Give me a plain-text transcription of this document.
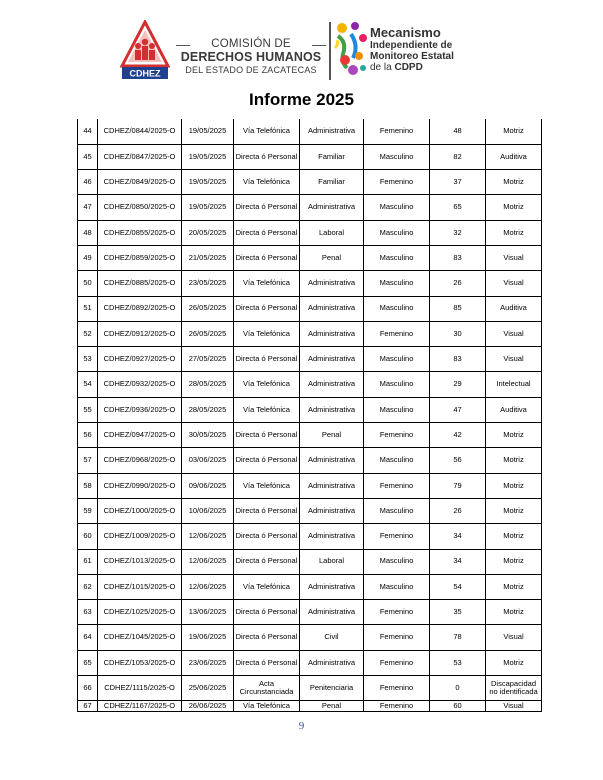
CDHEZ
COMISIÓN DE
DERECHOS HUMANOS
DEL ESTADO DE ZACATECAS
Mecanismo
Independiente de
Monitoreo Estatal
de la CDPD
Informe 2025
44	CDHEZ/0844/2025-O	19/05/2025	Vía Telefónica	Administrativa	Femenino	48	Motriz
45	CDHEZ/0847/2025-O	19/05/2025	Directa ó Personal	Familiar	Masculino	82	Auditiva
46	CDHEZ/0849/2025-O	19/05/2025	Vía Telefónica	Familiar	Femenino	37	Motriz
47	CDHEZ/0850/2025-O	19/05/2025	Directa ó Personal	Administrativa	Masculino	65	Motriz
48	CDHEZ/0855/2025-O	20/05/2025	Directa ó Personal	Laboral	Masculino	32	Motriz
49	CDHEZ/0859/2025-O	21/05/2025	Directa ó Personal	Penal	Masculino	83	Visual
50	CDHEZ/0885/2025-O	23/05/2025	Vía Telefónica	Administrativa	Masculino	26	Visual
51	CDHEZ/0892/2025-O	26/05/2025	Directa ó Personal	Administrativa	Masculino	85	Auditiva
52	CDHEZ/0912/2025-O	26/05/2025	Vía Telefónica	Administrativa	Femenino	30	Visual
53	CDHEZ/0927/2025-O	27/05/2025	Directa ó Personal	Administrativa	Masculino	83	Visual
54	CDHEZ/0932/2025-O	28/05/2025	Vía Telefónica	Administrativa	Masculino	29	Intelectual
55	CDHEZ/0936/2025-O	28/05/2025	Vía Telefónica	Administrativa	Masculino	47	Auditiva
56	CDHEZ/0947/2025-O	30/05/2025	Directa ó Personal	Penal	Femenino	42	Motriz
57	CDHEZ/0968/2025-O	03/06/2025	Directa ó Personal	Administrativa	Masculino	56	Motriz
58	CDHEZ/0990/2025-O	09/06/2025	Vía Telefónica	Administrativa	Femenino	79	Motriz
59	CDHEZ/1000/2025-O	10/06/2025	Directa ó Personal	Administrativa	Masculino	26	Motriz
60	CDHEZ/1009/2025-O	12/06/2025	Directa ó Personal	Administrativa	Femenino	34	Motriz
61	CDHEZ/1013/2025-O	12/06/2025	Directa ó Personal	Laboral	Masculino	34	Motriz
62	CDHEZ/1015/2025-O	12/06/2025	Vía Telefónica	Administrativa	Masculino	54	Motriz
63	CDHEZ/1025/2025-O	13/06/2025	Directa ó Personal	Administrativa	Femenino	35	Motriz
64	CDHEZ/1045/2025-O	19/06/2025	Directa ó Personal	Civil	Femenino	78	Visual
65	CDHEZ/1053/2025-O	23/06/2025	Directa ó Personal	Administrativa	Femenino	53	Motriz
66	CDHEZ/1115/2025-O	25/06/2025	Acta Circunstanciada	Penitenciaria	Femenino	0	Discapacidad no identificada
67	CDHEZ/1167/2025-O	26/06/2025	Vía Telefónica	Penal	Femenino	60	Visual
9
